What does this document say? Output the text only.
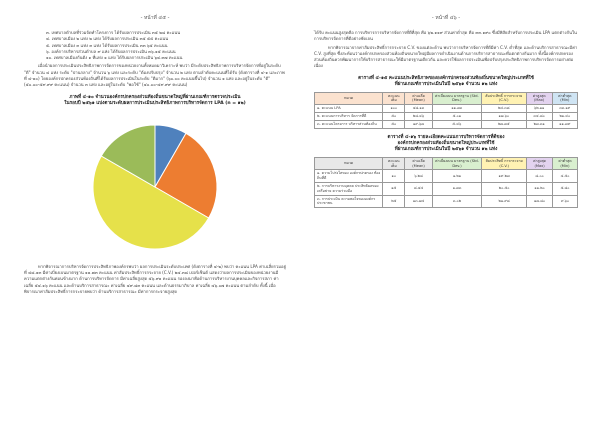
- หน้าที่ ๔๕ -
๓. เทศบาลตำบลที่ร่วมจัดทำโครงการ ได้รับผลการประเมิน ๓๕ ๒๘ คะแนน
๔. เทศบาลเมือง ๒ แห่ง ๒ แห่ง ได้รับผลการประเมิน ๓๕ ๕๕ คะแนน
๕. เทศบาลเมือง ๓ แห่ง ๓ แห่ง ได้รับผลการประเมิน ๓๓ ๖๕ คะแนน
๖. องค์การบริหารส่วนตำบล ๙ แห่ง ได้รับผลการประเมิน ๓๖.๑๕ คะแนน
๑๐. เทศบาลเมืองกันตัง ๑ ที่แห่ง ๑ แห่ง ได้รับผลการประเมิน ๖๔.๓๗ คะแนน

เมื่อนำผลการประเมินประสิทธิภาพการจัดการของหน่วยงานทั้งหมดมาวิเคราะห์ พบว่า มีระดับประสิทธิภาพการบริหารจัดการที่อยู่ในระดับ "ดี" จำนวน ๔ แห่ง ระดับ "ปานกลาง" จำนวน ๖ แห่ง และระดับ "ต้องปรับปรุง" จำนวน ๒ แห่ง ตามลำดับคะแนนที่ได้รับ (ดังตารางที่ ๔-๑ และภาพที่ ๔-๑๐) โดยองค์กรปกครองส่วนท้องถิ่นที่ได้รับผลการประเมินในระดับ "ดีมาก" (๖๐.๐๐ คะแนนขึ้นไป) จำนวน ๑ แห่ง และอยู่ในระดับ "ดี" (๕๐.๐๐-๕๙.๙๙ คะแนน) จำนวน ๓ แห่ง และอยู่ในระดับ "พอใช้" (๔๐.๐๐-๔๙.๙๙ คะแนน)

ภาพที่ ๔-๑๐ จำนวนองค์กรปกครองส่วนท้องถิ่นขนาดใหญ่ที่ผ่านเกณฑ์การตรวจประเมิน
ในรอบปี ๒๕๖๑ แบ่งตามระดับผลการประเมินประสิทธิภาพการบริหารจัดการ LPA (n = ๑๒)

หากพิจารณาการบริหารจัดการประสิทธิภาพองค์กรพบว่า ผลการประเมินระดับประเทศ (ดังตารางที่ ๔-๒) พบว่า คะแนน LPA ค่าเฉลี่ยรวมอยู่ที่ ๔๘.๑๓ มีค่าเบี่ยงเบนมาตรฐาน ๑๑.๗๓ คะแนน ค่าสัมประสิทธิ์การกระจาย (C.V.) ๒๔.๓๘ เปอร์เซ็นต์ แสดงว่าผลการประเมินของหน่วยงานมีความแตกต่างกันค่อนข้างมาก ด้านการบริหารจัดการ มีค่าเฉลี่ยสูงสุด ๕๖.๙๑ คะแนน รองลงมาคือด้านการบริหารงานบุคคลและกิจการสภา ค่าเฉลี่ย ๕๔.๑๖ คะแนน และด้านบริการสาธารณะ ค่าเฉลี่ย ๔๙.๘๓ คะแนน และด้านธรรมาภิบาล ค่าเฉลี่ย ๔๖.๐๗ คะแนน ตามลำดับ ทั้งนี้ เมื่อพิจารณาค่าสัมประสิทธิ์การกระจายพบว่า ด้านบริการสาธารณะ มีค่าการกระจายสูงสุด

- หน้าที่ ๔๖ -

ได้รับ คะแนนสูงสุดคือ การบริหารการบริหารจัดการที่ดีที่สุด คือ ๖๒.๑๑๙ ส่วนค่าต่ำสุด คือ ๓๓.๑๙๐ ซึ่งมีพิสัยสำหรับการประเมิน LPA แตกต่างกันในการบริหารจัดการที่ดีอย่างชัดเจน

หากพิจารณาจากค่าสัมประสิทธิ์การกระจาย C.V. ของแต่ละด้าน พบว่าการบริหารจัดการที่ดีมีค่า C.V. ต่ำที่สุด และด้านบริการสาธารณะมีค่า C.V. สูงที่สุด ซึ่งสะท้อนว่าองค์กรปกครองส่วนท้องถิ่นขนาดใหญ่มีผลการดำเนินงานด้านการบริการสาธารณะที่แตกต่างกันมาก ทั้งนี้องค์กรปกครองส่วนท้องถิ่นควรพัฒนาการให้บริการสาธารณะให้มีมาตรฐานเดียวกัน และควรใช้ผลการประเมินเพื่อปรับปรุงประสิทธิภาพการบริหารจัดการอย่างต่อเนื่อง

ตารางที่ ๔-๑๕ คะแนนประสิทธิภาพขององค์กรปกครองส่วนท้องถิ่นขนาดใหญ่ประเภทที่ใช้
ที่ผ่านเกณฑ์การประเมินในปี ๒๕๖๑ จำนวน ๑๒ แห่ง
หมวด	คะแนน เต็ม	ค่าเฉลี่ย (Mean)	ค่าเบี่ยงเบน มาตรฐาน (Std. Dev.)	สัมประสิทธิ์ การกระจาย (C.V.)	ค่าสูงสุด (Max)	ค่าต่ำสุด (Min)
๑. คะแนน LPA	๑๐๐	๔๘.๑๓	๑๑.๗๓	๒๔.๓๘	๖๒.๑๑	๓๓.๑๙
๒. คะแนนการบริหาร จัดการที่ดี	๕๐	๒๘.๔๖	๕.๐๑	๑๗.๖๐	๓๔.๘๐	๒๑.๔๐
๓. คะแนนโครงการ บริหารส่วนท้องถิ่น	๕๐	๑๙.๖๗	๕.๔๖	๒๗.๗๕	๒๗.๓๑	๑๑.๗๙
ตารางที่ ๔-๑๖ รายละเอียดคะแนนการบริหารจัดการที่ดีของ
องค์กรปกครองส่วนท้องถิ่นขนาดใหญ่ประเภทที่ใช้
ที่ผ่านเกณฑ์การประเมินในปี ๒๕๖๑ จำนวน ๑๒ แห่ง
หมวด	คะแนน เต็ม	ค่าเฉลี่ย (Mean)	ค่าเบี่ยงเบน มาตรฐาน (Std. Dev.)	สัมประสิทธิ์ การกระจาย (C.V.)	ค่าสูงสุด (Max)	ค่าต่ำสุด (Min)
๑. ความโปร่งใสของ องค์กรปกครอง ท้องถิ่นที่ดี	๑๐	๖.๒๘	๑.๒๑	๑๙.๒๗	๘.๐๐	๔.๕๐
๒. การบริหารงานบุคคล ประสิทธิผลของ เครือข่าย ความร่วมมือ	๑๕	๘.๔๔	๑.๗๓	๒๐.๕๐	๑๑.๒๐	๕.๘๐
๓. การประเมิน ความพอใจขององค์กร ประชาชน	๒๕	๑๓.๗๔	๓.๐๒	๒๑.๙๘	๑๗.๘๐	๙.๖๐
